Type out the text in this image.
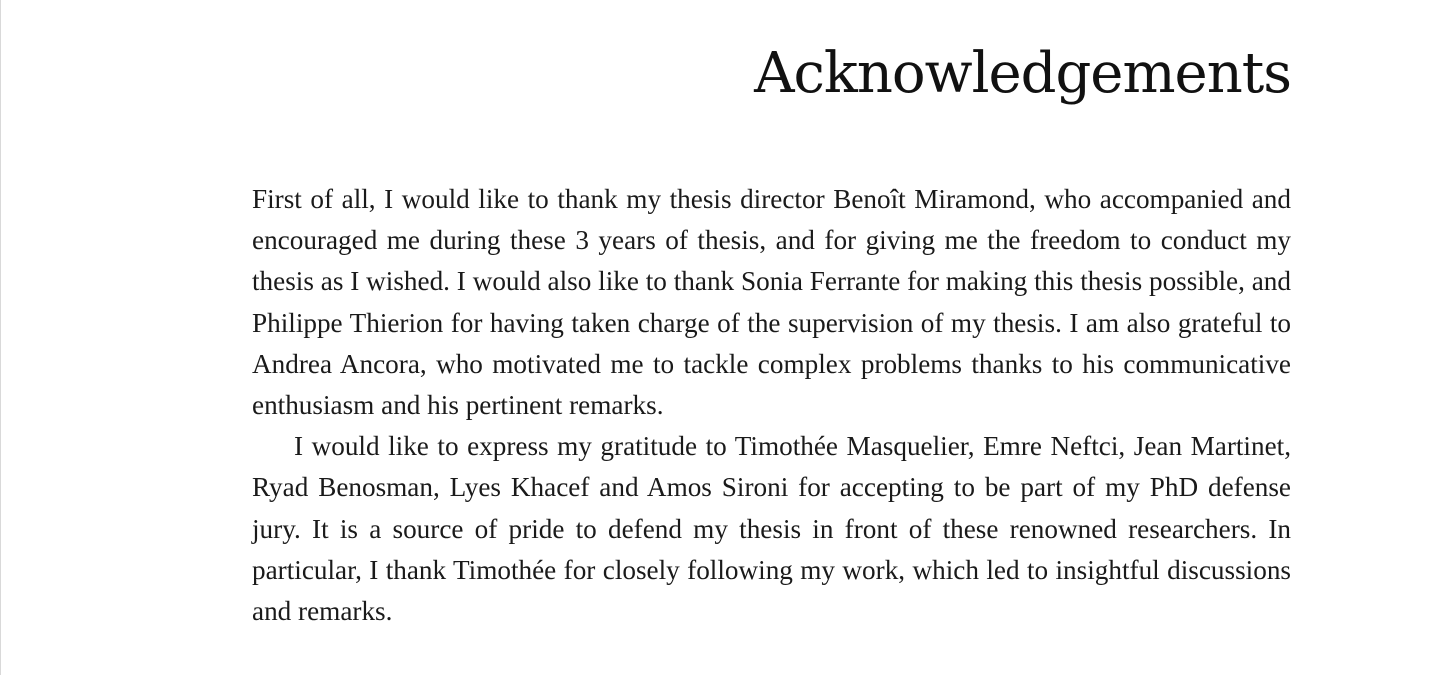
Acknowledgements

First of all, I would like to thank my thesis director Benoît Miramond, who accompanied and encouraged me during these 3 years of thesis, and for giving me the freedom to conduct my thesis as I wished. I would also like to thank Sonia Ferrante for making this thesis possible, and Philippe Thierion for having taken charge of the supervision of my thesis. I am also grateful to Andrea Ancora, who motivated me to tackle complex problems thanks to his communicative enthusiasm and his pertinent remarks.

I would like to express my gratitude to Timothée Masquelier, Emre Neftci, Jean Martinet, Ryad Benosman, Lyes Khacef and Amos Sironi for accepting to be part of my PhD defense jury. It is a source of pride to defend my thesis in front of these renowned researchers. In particular, I thank Timothée for closely following my work, which led to insightful discussions and remarks.
